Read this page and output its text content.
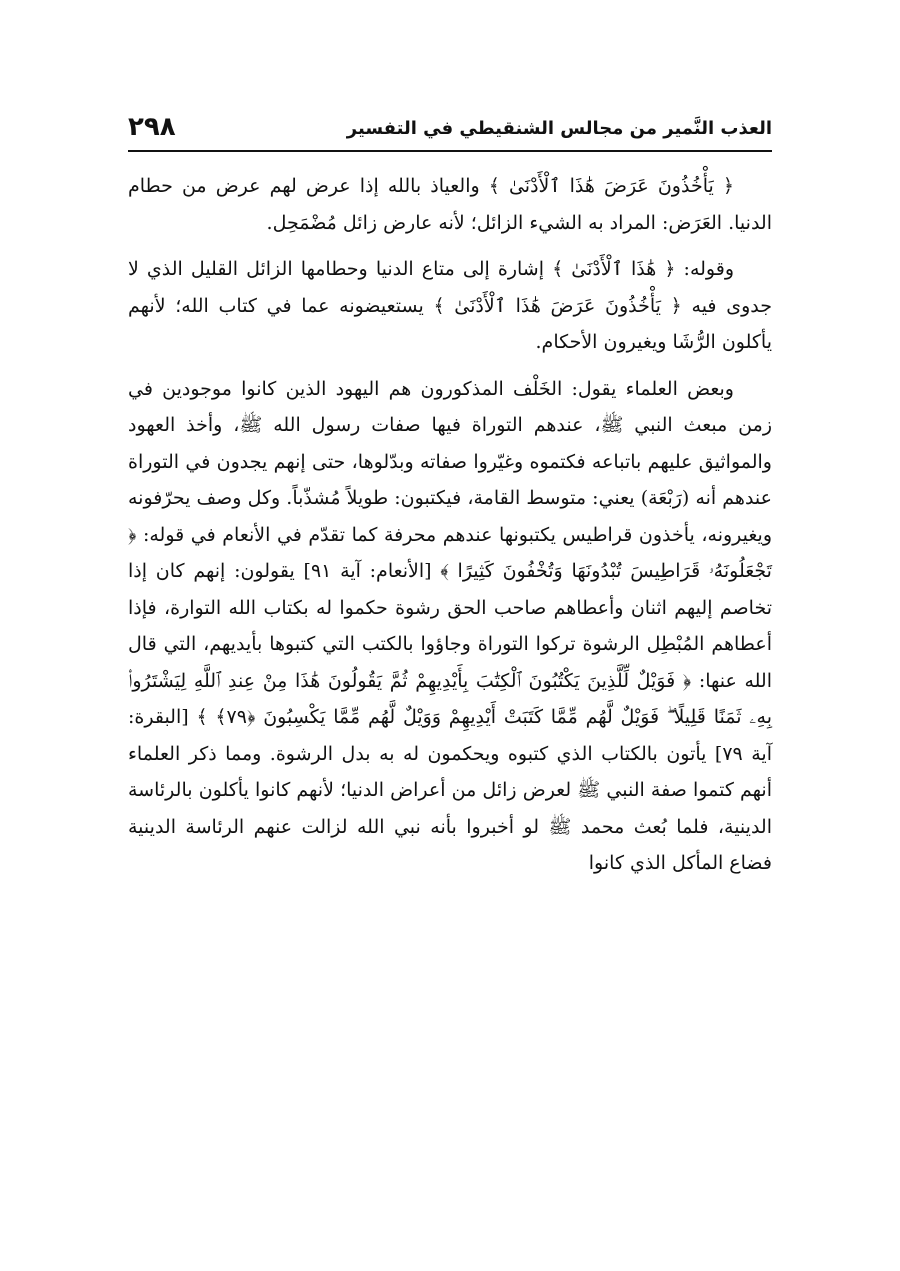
العذب النَّمير من مجالس الشنقيطي في التفسير
٢٩٨

﴿ يَأْخُذُونَ عَرَضَ هَٰذَا ٱلْأَدْنَىٰ ﴾ والعياذ بالله إذا عرض لهم عرض من حطام الدنيا. العَرَض: المراد به الشيء الزائل؛ لأنه عارض زائل مُضْمَحِل.

وقوله: ﴿ هَٰذَا ٱلْأَدْنَىٰ ﴾ إشارة إلى متاع الدنيا وحطامها الزائل القليل الذي لا جدوى فيه ﴿ يَأْخُذُونَ عَرَضَ هَٰذَا ٱلْأَدْنَىٰ ﴾ يستعيضونه عما في كتاب الله؛ لأنهم يأكلون الرُّشَا ويغيرون الأحكام.

وبعض العلماء يقول: الخَلْف المذكورون هم اليهود الذين كانوا موجودين في زمن مبعث النبي ﷺ، عندهم التوراة فيها صفات رسول الله ﷺ، وأخذ العهود والمواثيق عليهم باتباعه فكتموه وغيّروا صفاته وبدّلوها، حتى إنهم يجدون في التوراة عندهم أنه (رَبْعَة) يعني: متوسط القامة، فيكتبون: طويلاً مُشذّباً. وكل وصف يحرّفونه ويغيرونه، يأخذون قراطيس يكتبونها عندهم محرفة كما تقدّم في الأنعام في قوله: ﴿ تَجْعَلُونَهُۥ قَرَاطِيسَ تُبْدُونَهَا وَتُخْفُونَ كَثِيرًا ﴾ [الأنعام: آية ٩١] يقولون: إنهم كان إذا تخاصم إليهم اثنان وأعطاهم صاحب الحق رشوة حكموا له بكتاب الله التوارة، فإذا أعطاهم المُبْطِل الرشوة تركوا التوراة وجاؤوا بالكتب التي كتبوها بأيديهم، التي قال الله عنها: ﴿ فَوَيْلٌ لِّلَّذِينَ يَكْتُبُونَ ٱلْكِتَٰبَ بِأَيْدِيهِمْ ثُمَّ يَقُولُونَ هَٰذَا مِنْ عِندِ ٱللَّهِ لِيَشْتَرُوا۟ بِهِۦ ثَمَنًا قَلِيلًا ۖ فَوَيْلٌ لَّهُم مِّمَّا كَتَبَتْ أَيْدِيهِمْ وَوَيْلٌ لَّهُم مِّمَّا يَكْسِبُونَ ﴿٧٩﴾ ﴾ [البقرة: آية ٧٩] يأتون بالكتاب الذي كتبوه ويحكمون له به بدل الرشوة. ومما ذكر العلماء أنهم كتموا صفة النبي ﷺ لعرض زائل من أعراض الدنيا؛ لأنهم كانوا يأكلون بالرئاسة الدينية، فلما بُعث محمد ﷺ لو أخبروا بأنه نبي الله لزالت عنهم الرئاسة الدينية فضاع المأكل الذي كانوا
